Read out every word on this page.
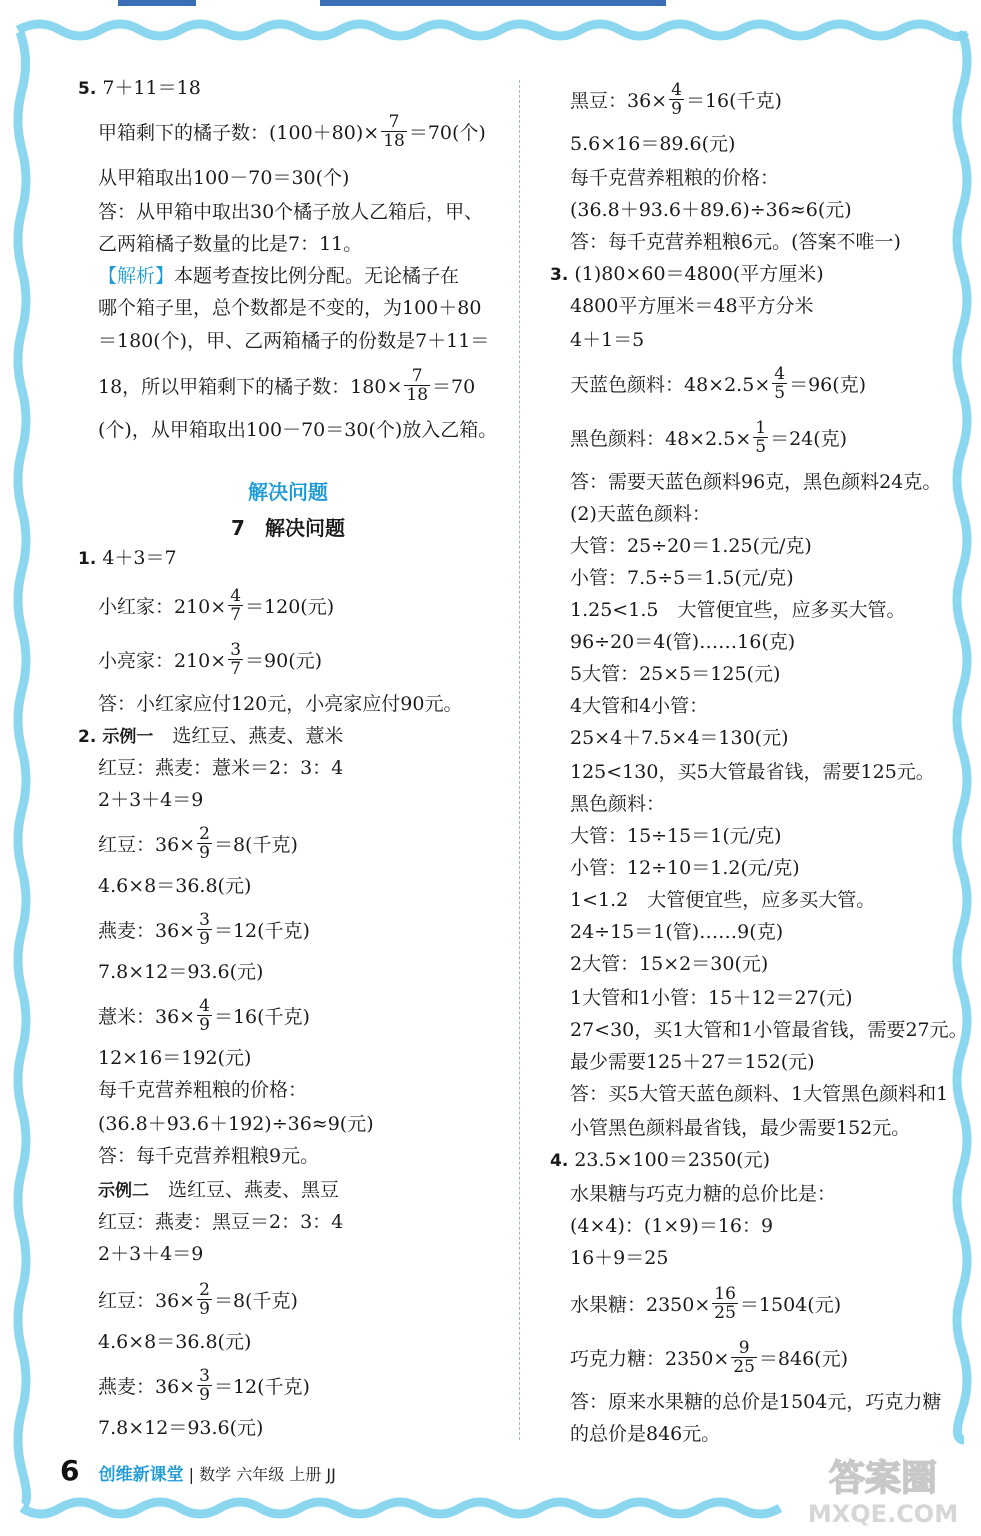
5. 7＋11＝18
甲箱剩下的橘子数：$(100+80)\times \frac{7}{18} =70$(个)
从甲箱取出100－70＝30(个)
答：从甲箱中取出30个橘子放人乙箱后，甲、
乙两箱橘子数量的比是7：11。
【解析】本题考查按比例分配。无论橘子在
哪个箱子里，总个数都是不变的，为100＋80
＝180(个)，甲、乙两箱橘子的份数是7＋11＝
18，所以甲箱剩下的橘子数：$180\times \frac{7}{18} =70$
(个)，从甲箱取出100－70＝30(个)放入乙箱。
解决问题
7　解决问题
1. 4＋3＝7
小红家：$210\times \frac{4}{7} =120$(元)
小亮家：$210\times \frac{3}{7} =90$(元)
答：小红家应付120元，小亮家应付90元。
2. 示例一　 选红豆、燕麦、薏米
红豆：燕麦：薏米＝2：3：4
2＋3＋4＝9
红豆：$36\times \frac{2}{9} =8$(千克)
4.6×8＝36.8(元)
燕麦：$36\times \frac{3}{9} =12$(千克)
7.8×12＝93.6(元)
薏米：$36\times \frac{4}{9} =16$(千克)
12×16＝192(元)
每千克营养粗粮的价格：
(36.8＋93.6＋192)÷36≈9(元)
答：每千克营养粗粮9元。
示例二　 选红豆、燕麦、黑豆
红豆：燕麦：黑豆＝2：3：4
2＋3＋4＝9
红豆：$36\times \frac{2}{9} =8$(千克)
4.6×8＝36.8(元)
燕麦：$36\times \frac{3}{9} =12$(千克)
7.8×12＝93.6(元)
黑豆：$36\times \frac{4}{9} =16$(千克)
5.6×16＝89.6(元)
每千克营养粗粮的价格：
(36.8＋93.6＋89.6)÷36≈6(元)
答：每千克营养粗粮6元。(答案不唯一)
3. (1)80×60＝4800(平方厘米)
4800平方厘米＝48平方分米
4＋1＝5
天蓝色颜料：$48\times 2.5\times \frac{4}{5} =96$(克)
黑色颜料：$48\times 2.5\times \frac{1}{5} =24$(克)
答：需要天蓝色颜料96克，黑色颜料24克。
(2)天蓝色颜料：
大管：25÷20＝1.25(元/克)
小管：7.5÷5＝1.5(元/克)
1.25<1.5　大管便宜些，应多买大管。
96÷20＝4(管)……16(克)
5大管：25×5＝125(元)
4大管和4小管：
25×4＋7.5×4＝130(元)
125<130，买5大管最省钱，需要125元。
黑色颜料：
大管：15÷15＝1(元/克)
小管：12÷10＝1.2(元/克)
1<1.2　大管便宜些，应多买大管。
24÷15＝1(管)……9(克)
2大管：15×2＝30(元)
1大管和1小管：15＋12＝27(元)
27<30，买1大管和1小管最省钱，需要27元。
最少需要125＋27＝152(元)
答：买5大管天蓝色颜料、1大管黑色颜料和1
小管黑色颜料最省钱，最少需要152元。
4. 23.5×100＝2350(元)
水果糖与巧克力糖的总价比是：
(4×4)：(1×9)＝16：9
16＋9＝25
水果糖：$2350\times \frac{16}{25} =1504$(元)
巧克力糖：$2350\times \frac{9}{25} =846$(元)
答：原来水果糖的总价是1504元，巧克力糖
的总价是846元。
6 创维新课堂 | 数学 六年级 上册 JJ	答案圈
MXQE.COM
